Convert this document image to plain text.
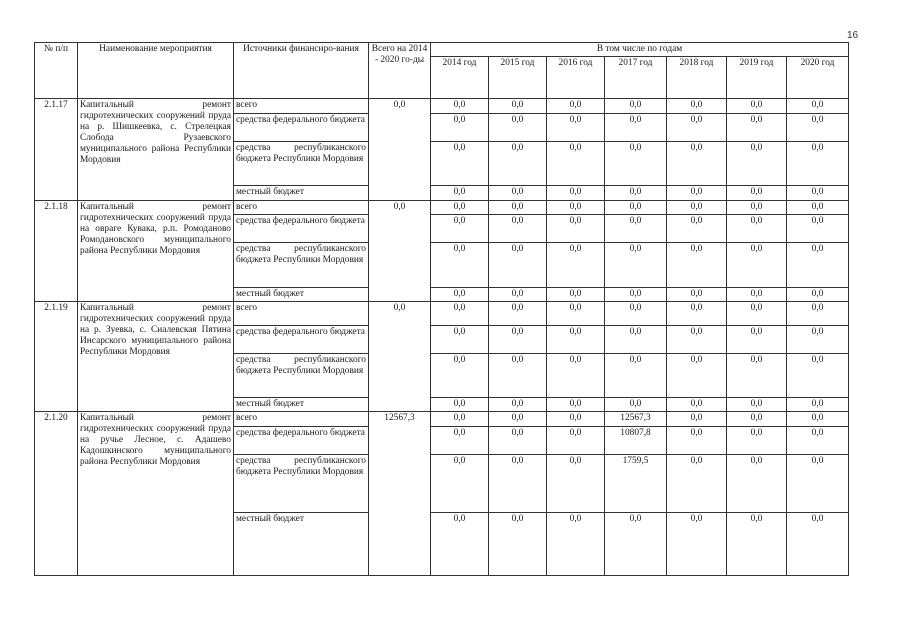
16
№ п/п	Наименование мероприятия	Источники финансиро-вания	Всего на 2014 - 2020 го-ды	В том числе по годам						
				2014 год	2015 год	2016 год	2017 год	2018 год	2019 год	2020 год
2.1.17	Капитальный ремонт гидротехнических сооружений пруда на р. Шишкеевка, с. Стрелецкая Слобода Рузаевского муниципального района Республики Мордовия	всего	0,0	0,0	0,0	0,0	0,0	0,0	0,0	0,0
		средства федерального бюджета		0,0	0,0	0,0	0,0	0,0	0,0	0,0
		средства республиканского бюджета Республики Мордовия		0,0	0,0	0,0	0,0	0,0	0,0	0,0
		местный бюджет		0,0	0,0	0,0	0,0	0,0	0,0	0,0
2.1.18	Капитальный ремонт гидротехнических сооружений пруда на овраге Кувака, р.п. Ромоданово Ромодановского муниципального района Республики Мордовия	всего	0,0	0,0	0,0	0,0	0,0	0,0	0,0	0,0
		средства федерального бюджета		0,0	0,0	0,0	0,0	0,0	0,0	0,0
		средства республиканского бюджета Республики Мордовия		0,0	0,0	0,0	0,0	0,0	0,0	0,0
		местный бюджет		0,0	0,0	0,0	0,0	0,0	0,0	0,0
2.1.19	Капитальный ремонт гидротехнических сооружений пруда на р. Зуевка, с. Сиалевская Пятина Инсарского муниципального района Республики Мордовия	всего	0,0	0,0	0,0	0,0	0,0	0,0	0,0	0,0
		средства федерального бюджета		0,0	0,0	0,0	0,0	0,0	0,0	0,0
		средства республиканского бюджета Республики Мордовия		0,0	0,0	0,0	0,0	0,0	0,0	0,0
		местный бюджет		0,0	0,0	0,0	0,0	0,0	0,0	0,0
2.1.20	Капитальный ремонт гидротехнических сооружений пруда на ручье Лесное, с. Адашево Кадошкинского муниципального района Республики Мордовия	всего	12567,3	0,0	0,0	0,0	12567,3	0,0	0,0	0,0
		средства федерального бюджета		0,0	0,0	0,0	10807,8	0,0	0,0	0,0
		средства республиканского бюджета Республики Мордовия		0,0	0,0	0,0	1759,5	0,0	0,0	0,0
		местный бюджет		0,0	0,0	0,0	0,0	0,0	0,0	0,0
